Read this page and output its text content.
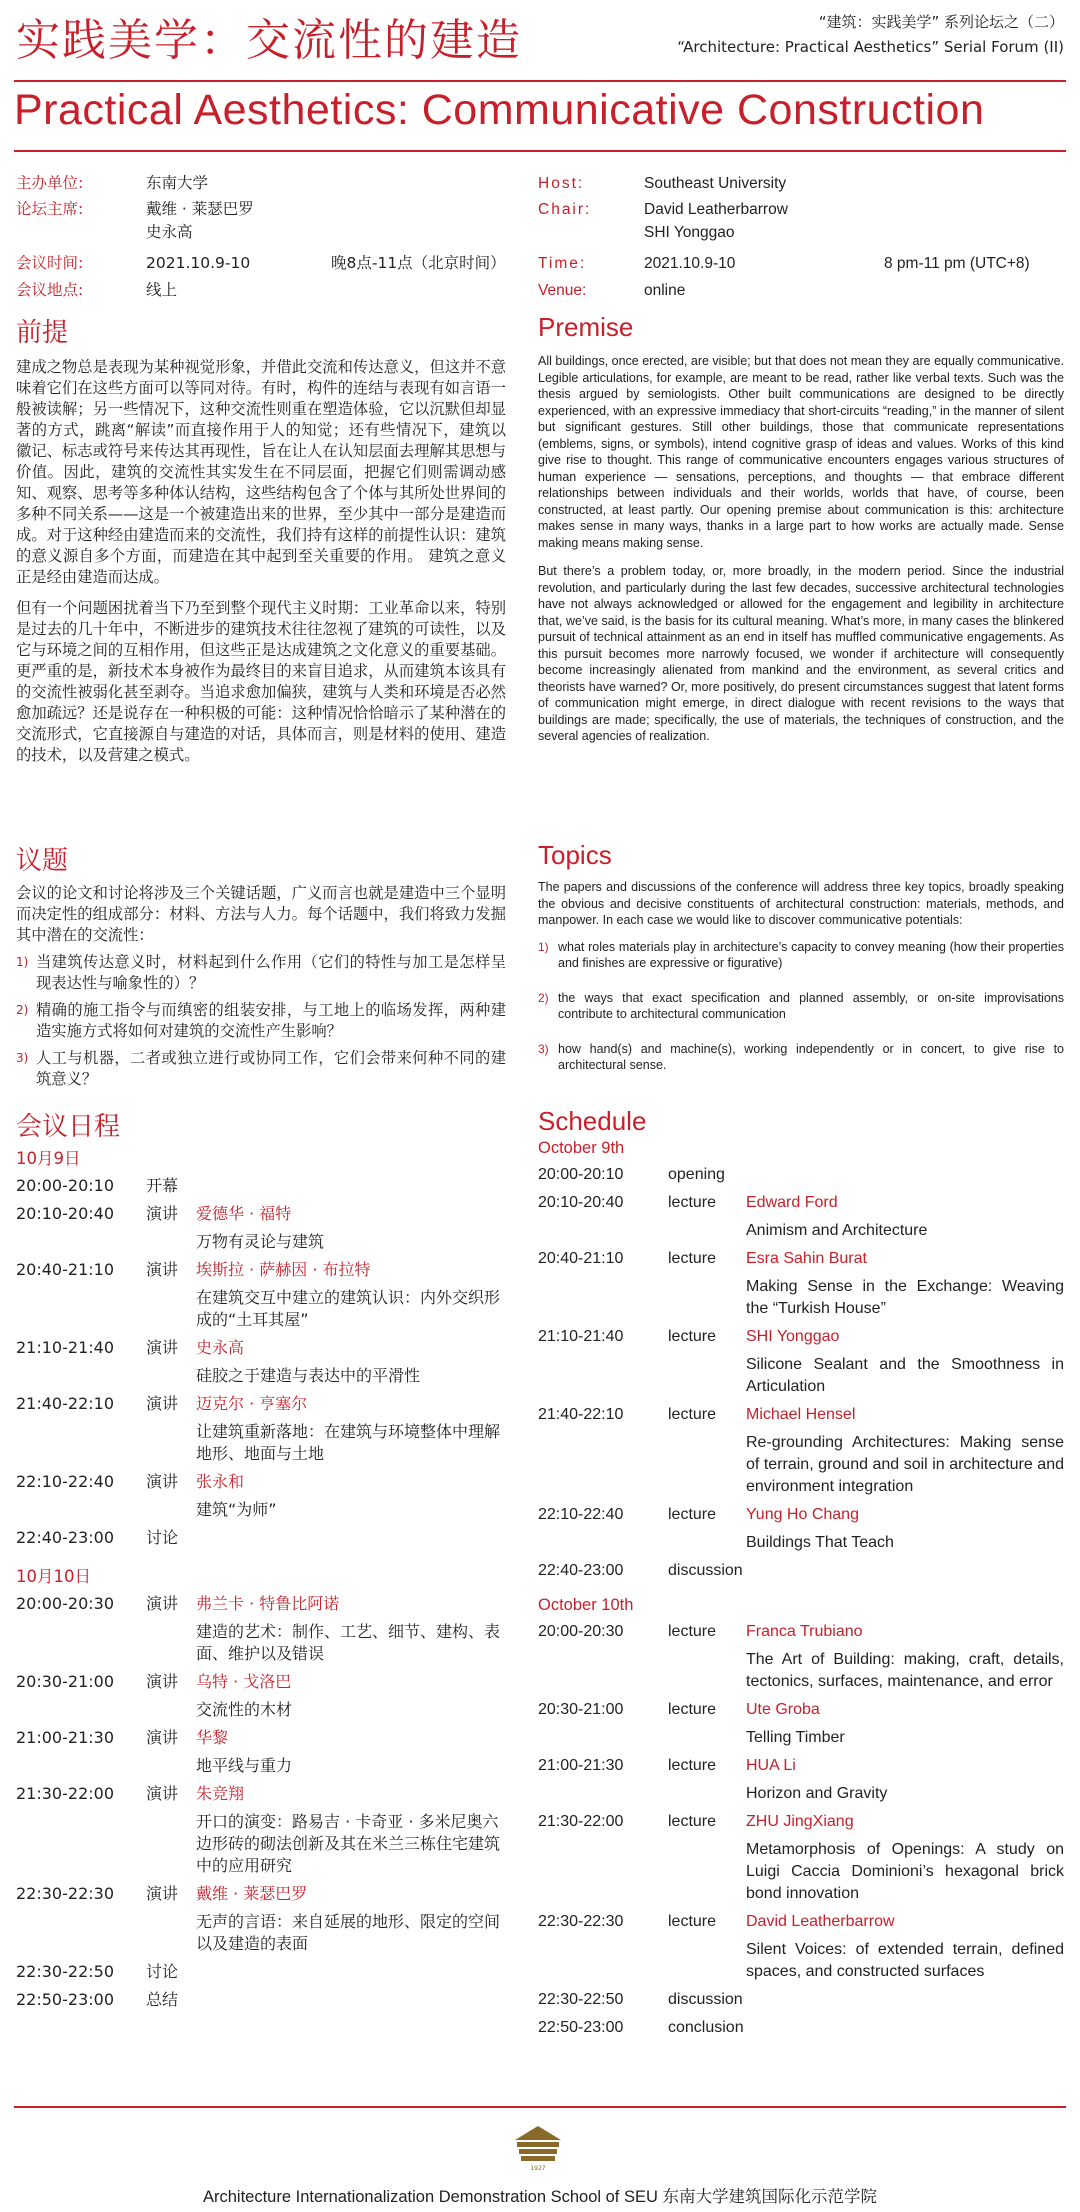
实践美学：交流性的建造	“建筑：实践美学” 系列论坛之（二）
“Architecture: Practical Aesthetics” Serial Forum (II)
Practical Aesthetics: Communicative Construction
主办单位:	东南大学
论坛主席:	戴维 · 莱瑟巴罗
史永高
会议时间:	2021.10.9-10	晚8点-11点（北京时间）
会议地点:	线上
Host:	Southeast University
Chair:	David Leatherbarrow
SHI Yonggao
Time:	2021.10.9-10	8 pm-11 pm (UTC+8)
Venue:	online
前提

建成之物总是表现为某种视觉形象，并借此交流和传达意义，但这并不意味着它们在这些方面可以等同对待。有时，构件的连结与表现有如言语一般被读解；另一些情况下，这种交流性则重在塑造体验，它以沉默但却显著的方式，跳离“解读”而直接作用于人的知觉；还有些情况下，建筑以徽记、标志或符号来传达其再现性，旨在让人在认知层面去理解其思想与价值。因此，建筑的交流性其实发生在不同层面，把握它们则需调动感知、观察、思考等多种体认结构，这些结构包含了个体与其所处世界间的多种不同关系——这是一个被建造出来的世界，至少其中一部分是建造而成。对于这种经由建造而来的交流性，我们持有这样的前提性认识：建筑的意义源自多个方面，而建造在其中起到至关重要的作用。 建筑之意义正是经由建造而达成。

但有一个问题困扰着当下乃至到整个现代主义时期：工业革命以来，特别是过去的几十年中，不断进步的建筑技术往往忽视了建筑的可读性，以及它与环境之间的互相作用，但这些正是达成建筑之文化意义的重要基础。更严重的是，新技术本身被作为最终目的来盲目追求，从而建筑本该具有的交流性被弱化甚至剥夺。当追求愈加偏狭，建筑与人类和环境是否必然愈加疏远？还是说存在一种积极的可能：这种情况恰恰暗示了某种潜在的交流形式，它直接源自与建造的对话，具体而言，则是材料的使用、建造的技术，以及营建之模式。

Premise

All buildings, once erected, are visible; but that does not mean they are equally communicative. Legible articulations, for example, are meant to be read, rather like verbal texts. Such was the thesis argued by semiologists. Other built communications are designed to be directly experienced, with an expressive immediacy that short-circuits “reading,” in the manner of silent but significant gestures. Still other buildings, those that communicate representations (emblems, signs, or symbols), intend cognitive grasp of ideas and values. Works of this kind give rise to thought. This range of communicative encounters engages various structures of human experience — sensations, perceptions, and thoughts — that embrace different relationships between individuals and their worlds, worlds that have, of course, been constructed, at least partly. Our opening premise about communication is this: architecture makes sense in many ways, thanks in a large part to how works are actually made. Sense making means making sense.

But there’s a problem today, or, more broadly, in the modern period. Since the industrial revolution, and particularly during the last few decades, successive architectural technologies have not always acknowledged or allowed for the engagement and legibility in architecture that, we’ve said, is the basis for its cultural meaning. What’s more, in many cases the blinkered pursuit of technical attainment as an end in itself has muffled communicative engagements. As this pursuit becomes more narrowly focused, we wonder if architecture will consequently become increasingly alienated from mankind and the environment, as several critics and theorists have warned? Or, more positively, do present circumstances suggest that latent forms of communication might emerge, in direct dialogue with recent revisions to the ways that buildings are made; specifically, the use of materials, the techniques of construction, and the several agencies of realization.

议题

会议的论文和讨论将涉及三个关键话题，广义而言也就是建造中三个显明而决定性的组成部分：材料、方法与人力。每个话题中，我们将致力发掘其中潜在的交流性：

1) 当建筑传达意义时，材料起到什么作用（它们的特性与加工是怎样呈现表达性与喻象性的）？
2) 精确的施工指令与而缜密的组装安排，与工地上的临场发挥，两种建造实施方式将如何对建筑的交流性产生影响？
3) 人工与机器，二者或独立进行或协同工作，它们会带来何种不同的建筑意义？
Topics

The papers and discussions of the conference will address three key topics, broadly speaking the obvious and decisive constituents of architectural construction: materials, methods, and manpower. In each case we would like to discover communicative potentials:

1) what roles materials play in architecture’s capacity to convey meaning (how their properties and finishes are expressive or figurative)
2) the ways that exact specification and planned assembly, or on-site improvisations contribute to architectural communication
3) how hand(s) and machine(s), working independently or in concert, to give rise to architectural sense.
会议日程
10月9日
20:00-20:10	开幕
20:10-20:40	演讲	爱德华 · 福特
万物有灵论与建筑
20:40-21:10	演讲	埃斯拉 · 萨赫因 · 布拉特
在建筑交互中建立的建筑认识：内外交织形成的“土耳其屋”
21:10-21:40	演讲	史永高
硅胶之于建造与表达中的平滑性
21:40-22:10	演讲	迈克尔 · 亨塞尔
让建筑重新落地：在建筑与环境整体中理解地形、地面与土地
22:10-22:40	演讲	张永和
建筑“为师”
22:40-23:00	讨论
10月10日
20:00-20:30	演讲	弗兰卡 · 特鲁比阿诺
建造的艺术：制作、工艺、细节、建构、表面、维护以及错误
20:30-21:00	演讲	乌特 · 戈洛巴
交流性的木材
21:00-21:30	演讲	华黎
地平线与重力
21:30-22:00	演讲	朱竞翔
开口的演变：路易吉 · 卡奇亚 · 多米尼奥六边形砖的砌法创新及其在米兰三栋住宅建筑中的应用研究
22:30-22:30	演讲	戴维 · 莱瑟巴罗
无声的言语：来自延展的地形、限定的空间以及建造的表面
22:30-22:50	讨论
22:50-23:00	总结
Schedule
October 9th
20:00-20:10	opening
20:10-20:40	lecture	Edward Ford
Animism and Architecture
20:40-21:10	lecture	Esra Sahin Burat
Making Sense in the Exchange: Weaving the “Turkish House”
21:10-21:40	lecture	SHI Yonggao
Silicone Sealant and the Smoothness in Articulation
21:40-22:10	lecture	Michael Hensel
Re-grounding Architectures: Making sense of terrain, ground and soil in architecture and environment integration
22:10-22:40	lecture	Yung Ho Chang
Buildings That Teach
22:40-23:00	discussion
October 10th
20:00-20:30	lecture	Franca Trubiano
The Art of Building: making, craft, details, tectonics, surfaces, maintenance, and error
20:30-21:00	lecture	Ute Groba
Telling Timber
21:00-21:30	lecture	HUA Li
Horizon and Gravity
21:30-22:00	lecture	ZHU JingXiang
Metamorphosis of Openings: A study on Luigi Caccia Dominioni’s hexagonal brick bond innovation
22:30-22:30	lecture	David Leatherbarrow
Silent Voices: of extended terrain, defined spaces, and constructed surfaces
22:30-22:50	discussion
22:50-23:00	conclusion
1927
Architecture Internationalization Demonstration School of SEU 东南大学建筑国际化示范学院
